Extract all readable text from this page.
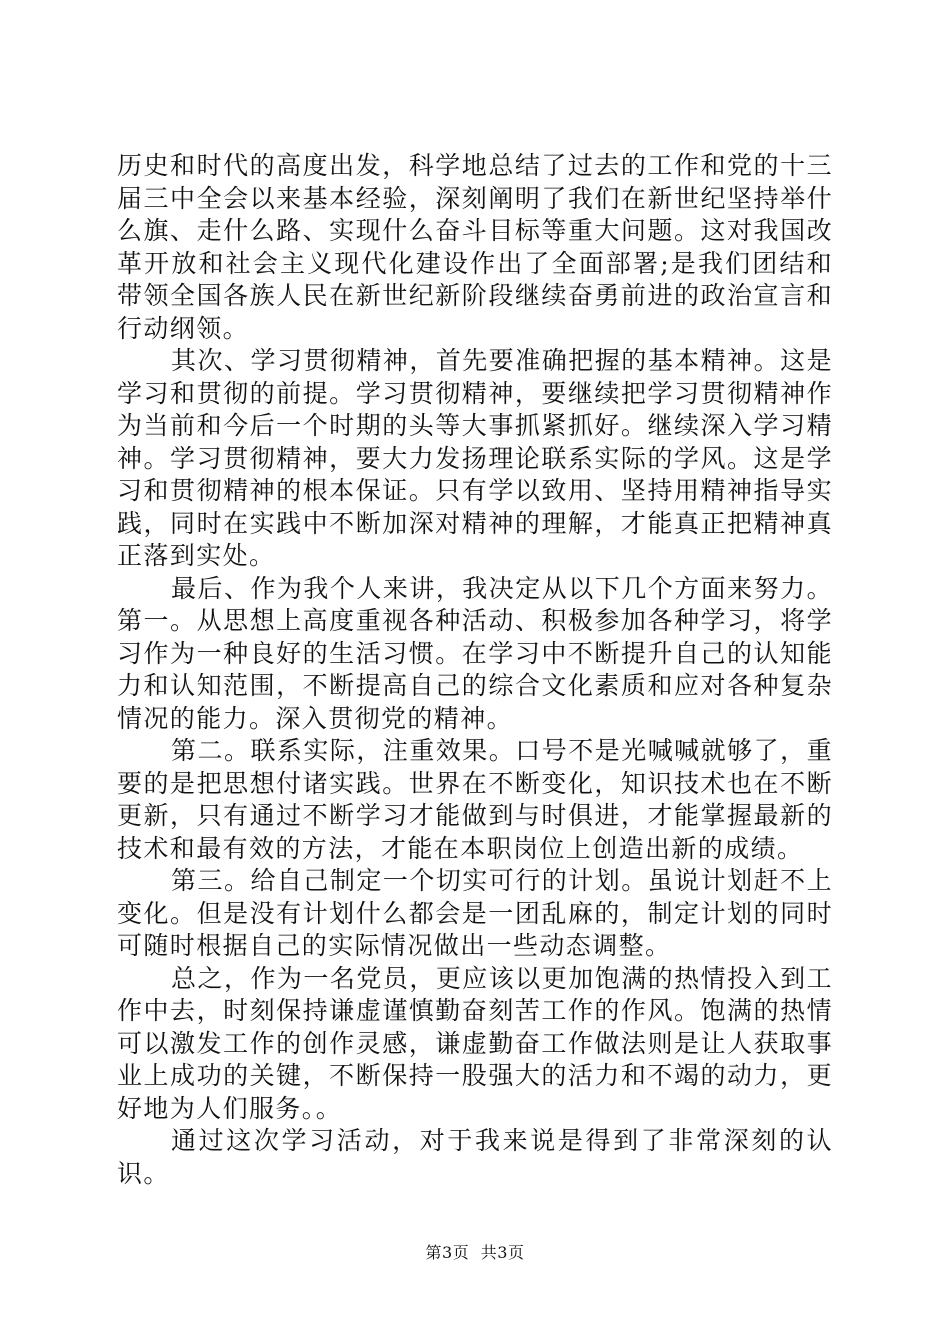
历史和时代的高度出发，科学地总结了过去的工作和党的十三届三中全会以来基本经验，深刻阐明了我们在新世纪坚持举什么旗、走什么路、实现什么奋斗目标等重大问题。这对我国改革开放和社会主义现代化建设作出了全面部署;是我们团结和带领全国各族人民在新世纪新阶段继续奋勇前进的政治宣言和行动纲领。

其次、学习贯彻精神，首先要准确把握的基本精神。这是学习和贯彻的前提。学习贯彻精神，要继续把学习贯彻精神作为当前和今后一个时期的头等大事抓紧抓好。继续深入学习精神。学习贯彻精神，要大力发扬理论联系实际的学风。这是学习和贯彻精神的根本保证。只有学以致用、坚持用精神指导实践，同时在实践中不断加深对精神的理解，才能真正把精神真正落到实处。

最后、作为我个人来讲，我决定从以下几个方面来努力。第一。从思想上高度重视各种活动、积极参加各种学习，将学习作为一种良好的生活习惯。在学习中不断提升自己的认知能力和认知范围，不断提高自己的综合文化素质和应对各种复杂情况的能力。深入贯彻党的精神。

第二。联系实际，注重效果。口号不是光喊喊就够了，重要的是把思想付诸实践。世界在不断变化，知识技术也在不断更新，只有通过不断学习才能做到与时俱进，才能掌握最新的技术和最有效的方法，才能在本职岗位上创造出新的成绩。

第三。给自己制定一个切实可行的计划。虽说计划赶不上变化。但是没有计划什么都会是一团乱麻的，制定计划的同时可随时根据自己的实际情况做出一些动态调整。

总之，作为一名党员，更应该以更加饱满的热情投入到工作中去，时刻保持谦虚谨慎勤奋刻苦工作的作风。饱满的热情可以激发工作的创作灵感，谦虚勤奋工作做法则是让人获取事业上成功的关键，不断保持一股强大的活力和不竭的动力，更好地为人们服务。。

通过这次学习活动，对于我来说是得到了非常深刻的认识。

第3页 共3页
